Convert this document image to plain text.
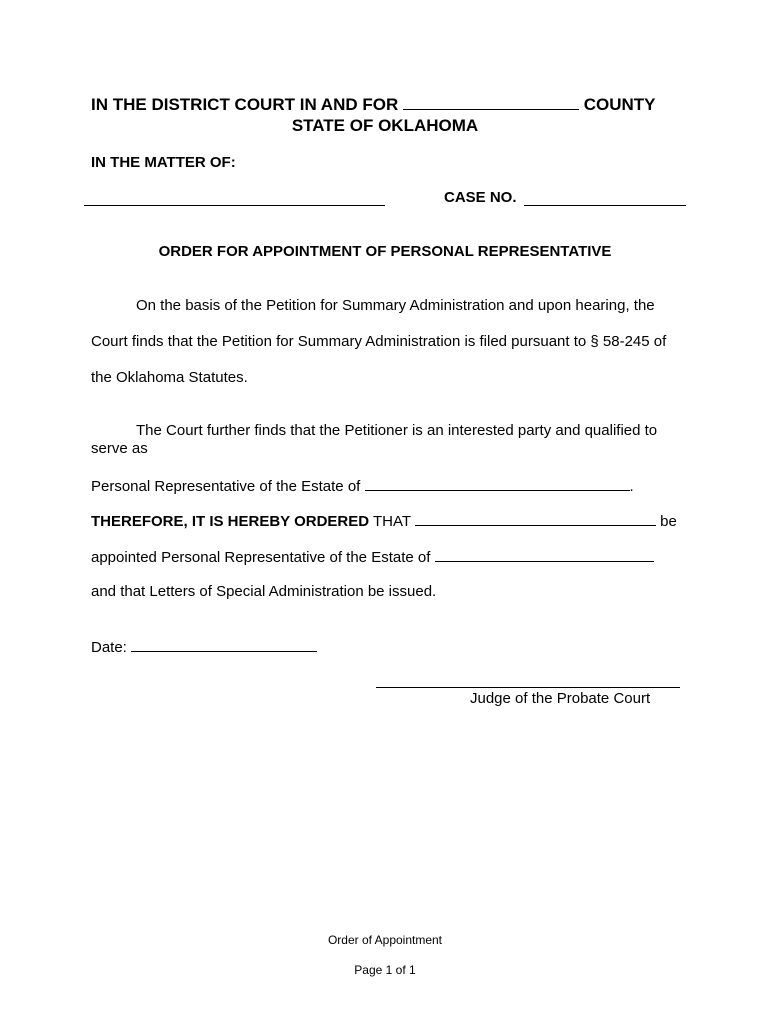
IN THE DISTRICT COURT IN AND FOR	COUNTY
STATE OF OKLAHOMA
IN THE MATTER OF:
CASE NO.
ORDER FOR APPOINTMENT OF PERSONAL REPRESENTATIVE
On the basis of the Petition for Summary Administration and upon hearing, the
Court finds that the Petition for Summary Administration is filed pursuant to § 58-245 of
the Oklahoma Statutes.
The Court further finds that the Petitioner is an interested party and qualified to
serve as
Personal Representative of the Estate of	.
THEREFORE, IT IS HEREBY ORDERED THAT	be
appointed Personal Representative of the Estate of
and that Letters of Special Administration be issued.
Date:
Judge of the Probate Court
Order of Appointment
Page 1 of 1
